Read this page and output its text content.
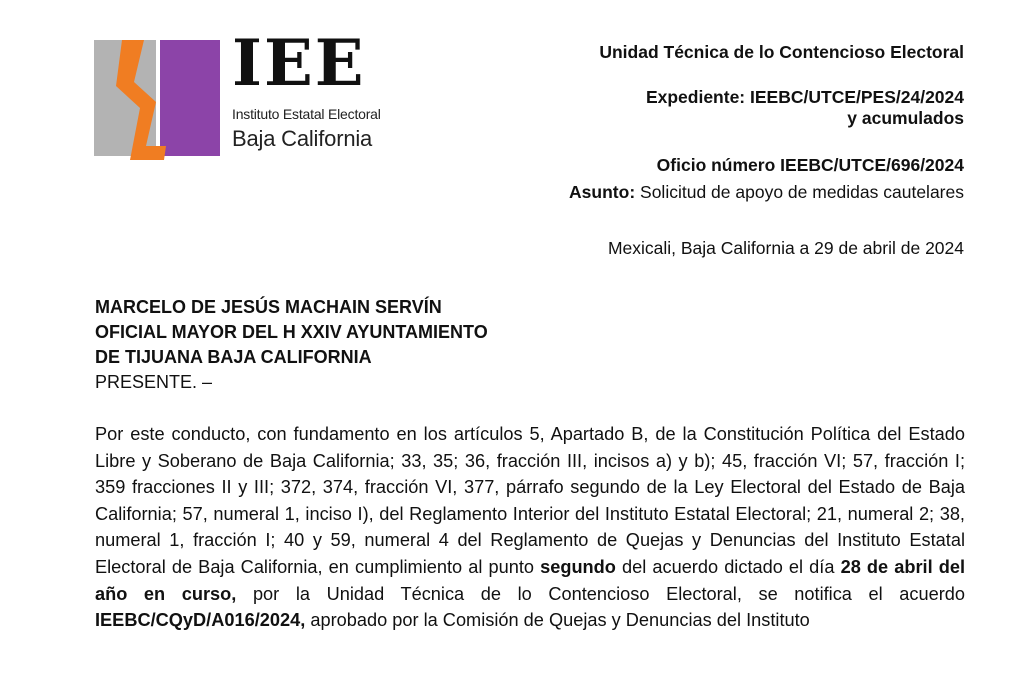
IEE
Instituto Estatal Electoral
Baja California
Unidad Técnica de lo Contencioso Electoral
Expediente: IEEBC/UTCE/PES/24/2024
y acumulados
Oficio número IEEBC/UTCE/696/2024
Asunto: Solicitud de apoyo de medidas cautelares
Mexicali, Baja California a 29 de abril de 2024
MARCELO DE JESÚS MACHAIN SERVÍN
OFICIAL MAYOR DEL H XXIV AYUNTAMIENTO
DE TIJUANA BAJA CALIFORNIA
PRESENTE. –
Por este conducto, con fundamento en los artículos 5, Apartado B, de la Constitución Política del Estado Libre y Soberano de Baja California; 33, 35; 36, fracción III, incisos a) y b); 45, fracción VI; 57, fracción I; 359 fracciones II y III; 372, 374, fracción VI, 377, párrafo segundo de la Ley Electoral del Estado de Baja California; 57, numeral 1, inciso I), del Reglamento Interior del Instituto Estatal Electoral; 21, numeral 2; 38, numeral 1, fracción I; 40 y 59, numeral 4 del Reglamento de Quejas y Denuncias del Instituto Estatal Electoral de Baja California, en cumplimiento al punto segundo del acuerdo dictado el día 28 de abril del año en curso, por la Unidad Técnica de lo Contencioso Electoral, se notifica el acuerdo IEEBC/CQyD/A016/2024, aprobado por la Comisión de Quejas y Denuncias del Instituto
